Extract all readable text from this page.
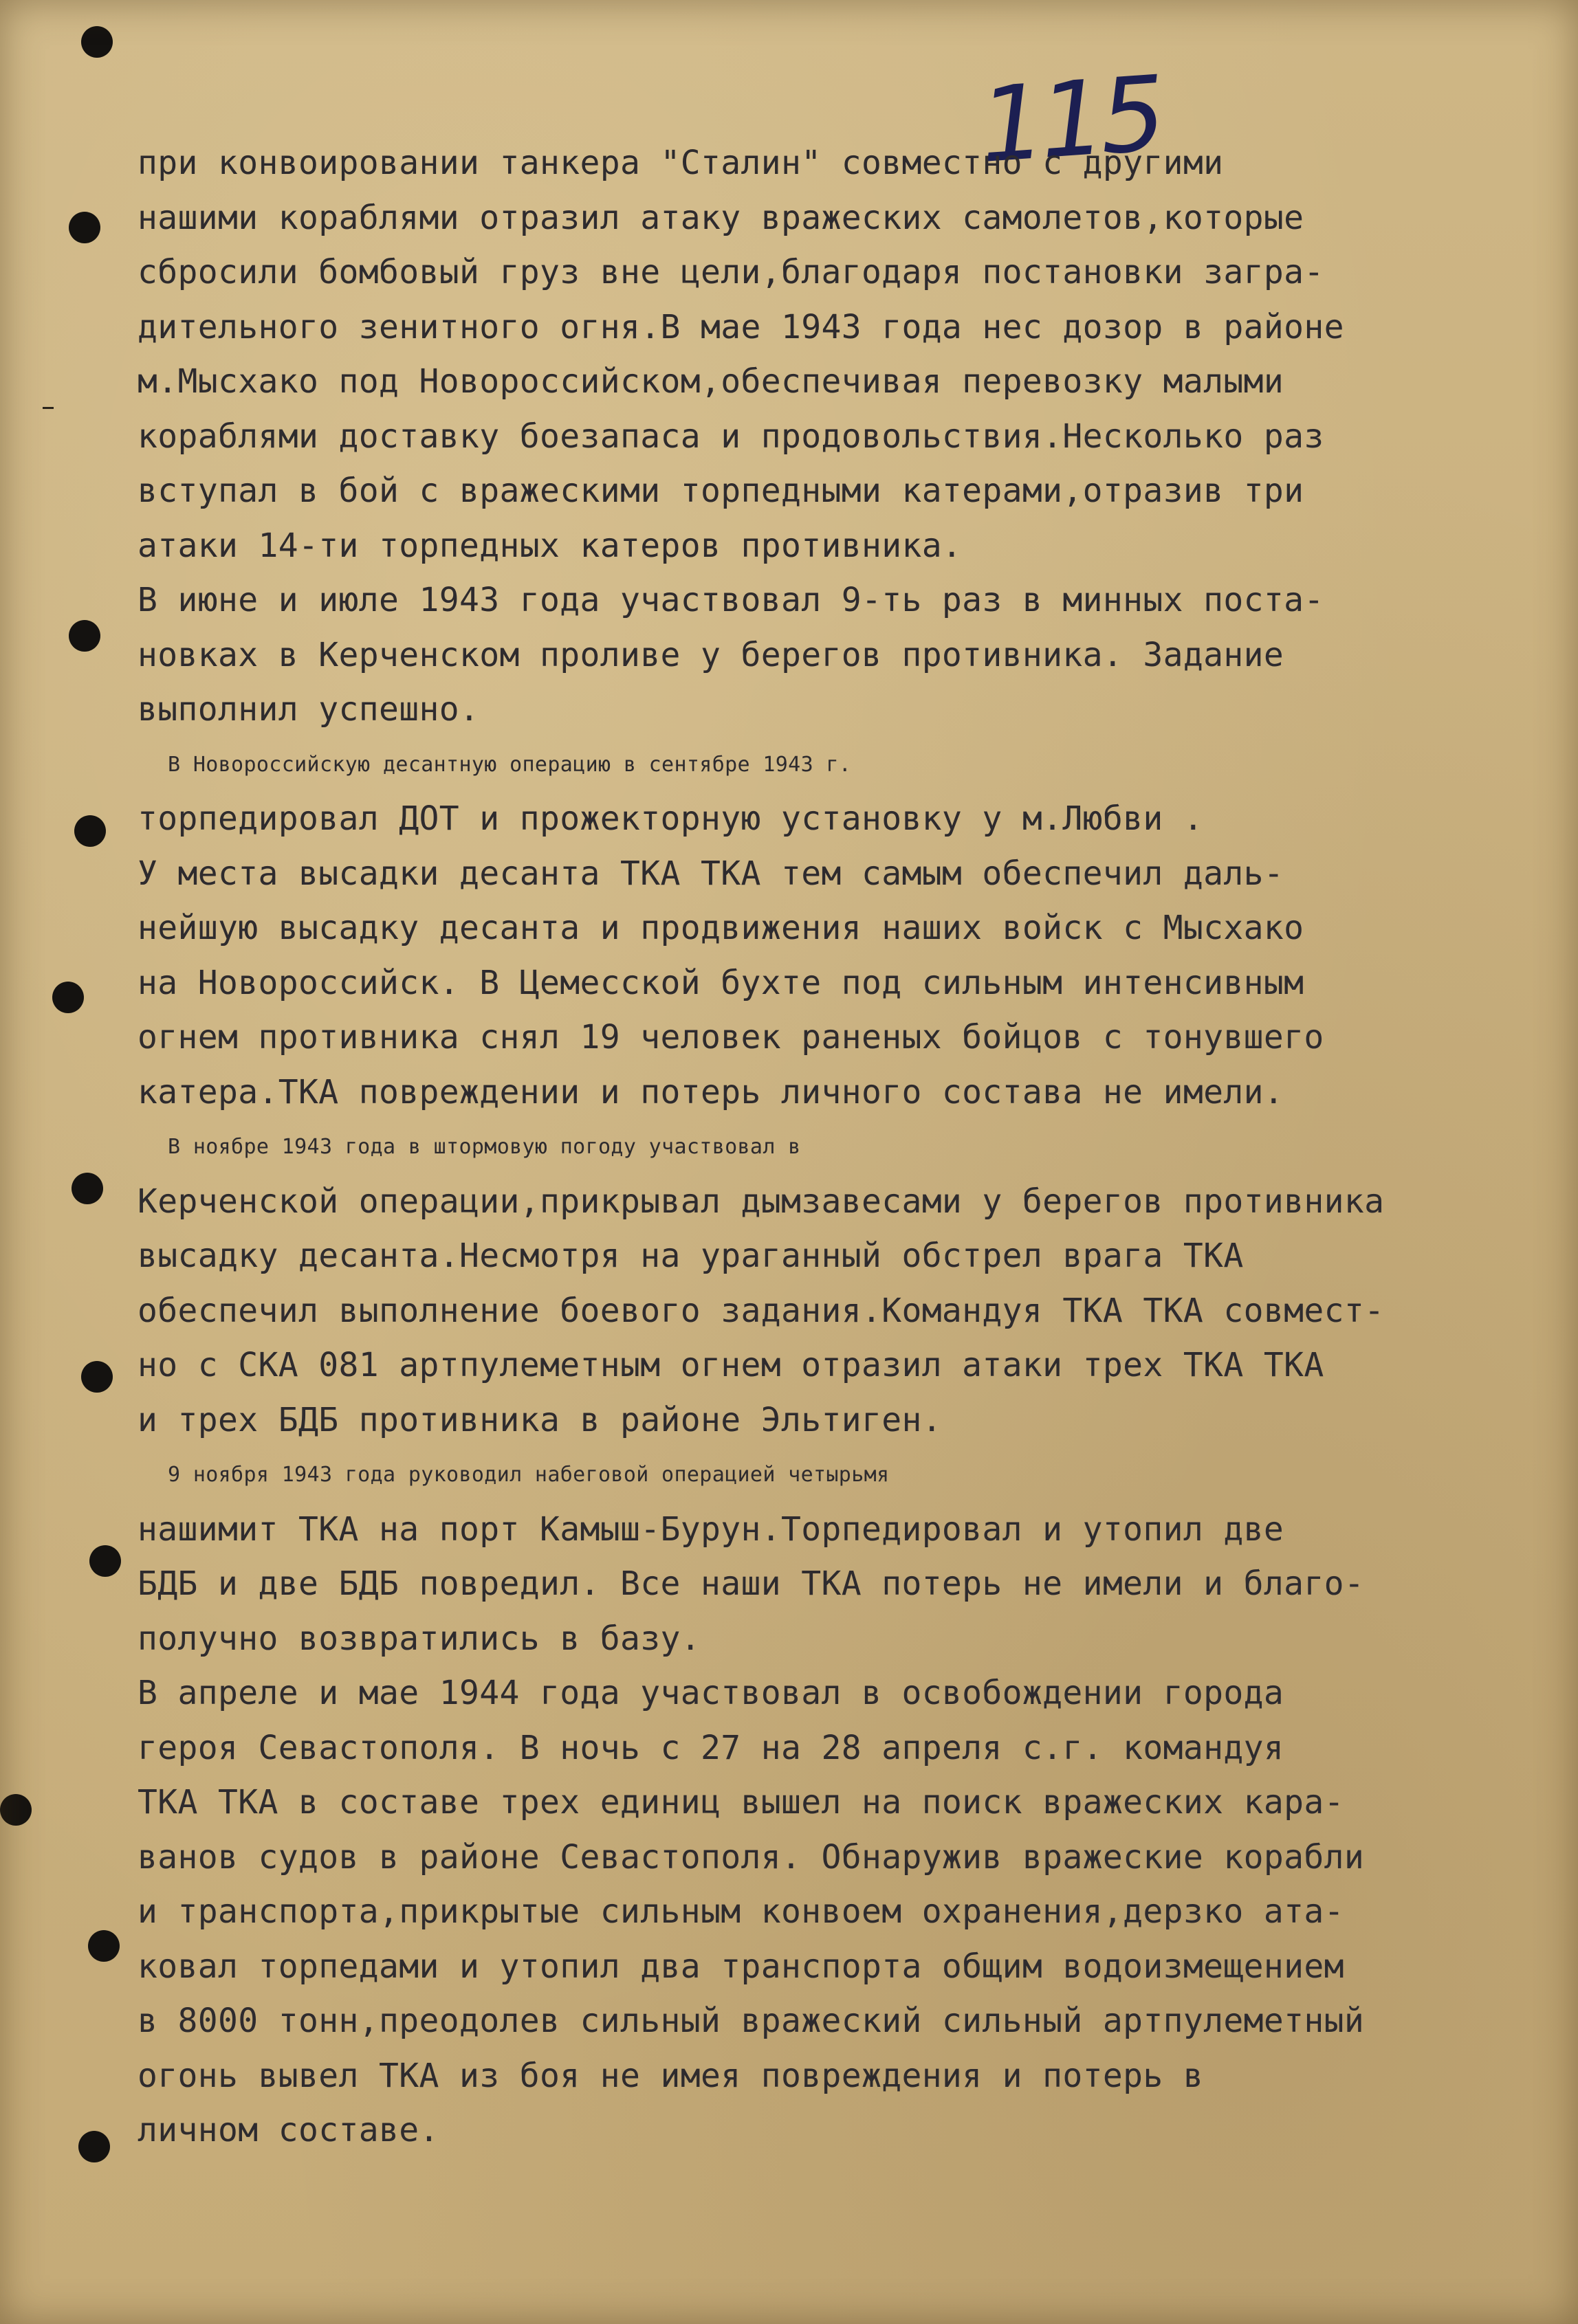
115
при конвоировании танкера "Сталин" совместно с другими
нашими кораблями отразил атаку вражеских самолетов,которые
сбросили бомбовый груз вне цели,благодаря постановки загра-
дительного зенитного огня.В мае 1943 года нес дозор в районе
м.Мысхако под Новороссийском,обеспечивая перевозку малыми
кораблями доставку боезапаса и продовольствия.Несколько раз
вступал в бой с вражескими торпедными катерами,отразив три
атаки 14-ти торпедных катеров противника.
В июне и июле 1943 года участвовал 9-ть раз в минных поста-
новках в Керченском проливе у берегов противника. Задание
выполнил успешно.
В Новороссийскую десантную операцию в сентябре 1943 г.
торпедировал ДОТ и прожекторную установку у м.Любви .
У места высадки десанта ТКА ТКА тем самым обеспечил даль-
нейшую высадку десанта и продвижения наших войск с Мысхако
на Новороссийск. В Цемесской бухте под сильным интенсивным
огнем противника снял 19 человек раненых бойцов с тонувшего
катера.ТКА повреждении и потерь личного состава не имели.
В ноябре 1943 года в штормовую погоду участвовал в
Керченской операции,прикрывал дымзавесами у берегов противника
высадку десанта.Несмотря на ураганный обстрел врага ТКА
обеспечил выполнение боевого задания.Командуя ТКА ТКА совмест-
но с СКА 081 артпулеметным огнем отразил атаки трех ТКА ТКА
и трех БДБ противника в районе Эльтиген.
9 ноября 1943 года руководил набеговой операцией четырьмя
нашимит ТКА на порт Камыш-Бурун.Торпедировал и утопил две
БДБ и две БДБ повредил. Все наши ТКА потерь не имели и благо-
получно возвратились в базу.
В апреле и мае 1944 года участвовал в освобождении города
героя Севастополя. В ночь с 27 на 28 апреля с.г. командуя
ТКА ТКА в составе трех единиц вышел на поиск вражеских кара-
ванов судов в районе Севастополя. Обнаружив вражеские корабли
и транспорта,прикрытые сильным конвоем охранения,дерзко ата-
ковал торпедами и утопил два транспорта общим водоизмещением
в 8000 тонн,преодолев сильный вражеский сильный артпулеметный
огонь вывел ТКА из боя не имея повреждения и потерь в
личном составе.
